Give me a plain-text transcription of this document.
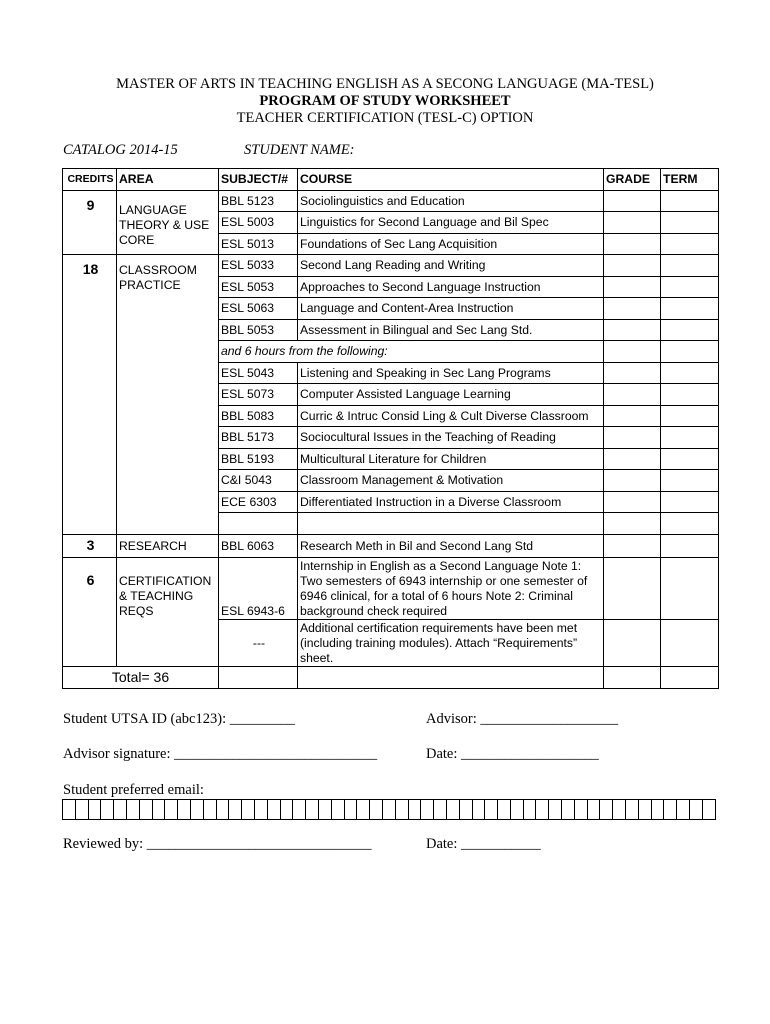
MASTER OF ARTS IN TEACHING ENGLISH AS A SECONG LANGUAGE (MA-TESL)
PROGRAM OF STUDY WORKSHEET
TEACHER CERTIFICATION (TESL-C) OPTION
CATALOG 2014-15	STUDENT NAME:
CREDITS	AREA	SUBJECT/#	COURSE	GRADE	TERM
9	LANGUAGE THEORY & USE CORE	BBL 5123	Sociolinguistics and Education		
		ESL 5003	Linguistics for Second Language and Bil Spec		
		ESL 5013	Foundations of Sec Lang Acquisition		
18	CLASSROOM PRACTICE	ESL 5033	Second Lang Reading and Writing		
		ESL 5053	Approaches to Second Language Instruction		
		ESL 5063	Language and Content-Area Instruction		
		BBL 5053	Assessment in Bilingual and Sec Lang Std.		
		and 6 hours from the following:			
		ESL 5043	Listening and Speaking in Sec Lang Programs		
		ESL 5073	Computer Assisted Language Learning		
		BBL 5083	Curric & Intruc Consid Ling & Cult Diverse Classroom		
		BBL 5173	Sociocultural Issues in the Teaching of Reading		
		BBL 5193	Multicultural Literature for Children		
		C&I 5043	Classroom Management & Motivation		
		ECE 6303	Differentiated Instruction in a Diverse Classroom		

3	RESEARCH	BBL 6063	Research Meth in Bil and Second Lang Std		
6	CERTIFICATION & TEACHING REQS	ESL 6943-6	Internship in English as a Second Language Note 1: Two semesters of 6943 internship or one semester of 6946 clinical, for a total of 6 hours Note 2: Criminal background check required		
		---	Additional certification requirements have been met (including training modules). Attach “Requirements” sheet.		
Total= 36					
Student UTSA ID (abc123): _________	Advisor: ___________________
Advisor signature: ____________________________	Date: ___________________
Student preferred email:
Reviewed by: _______________________________	Date: ___________
